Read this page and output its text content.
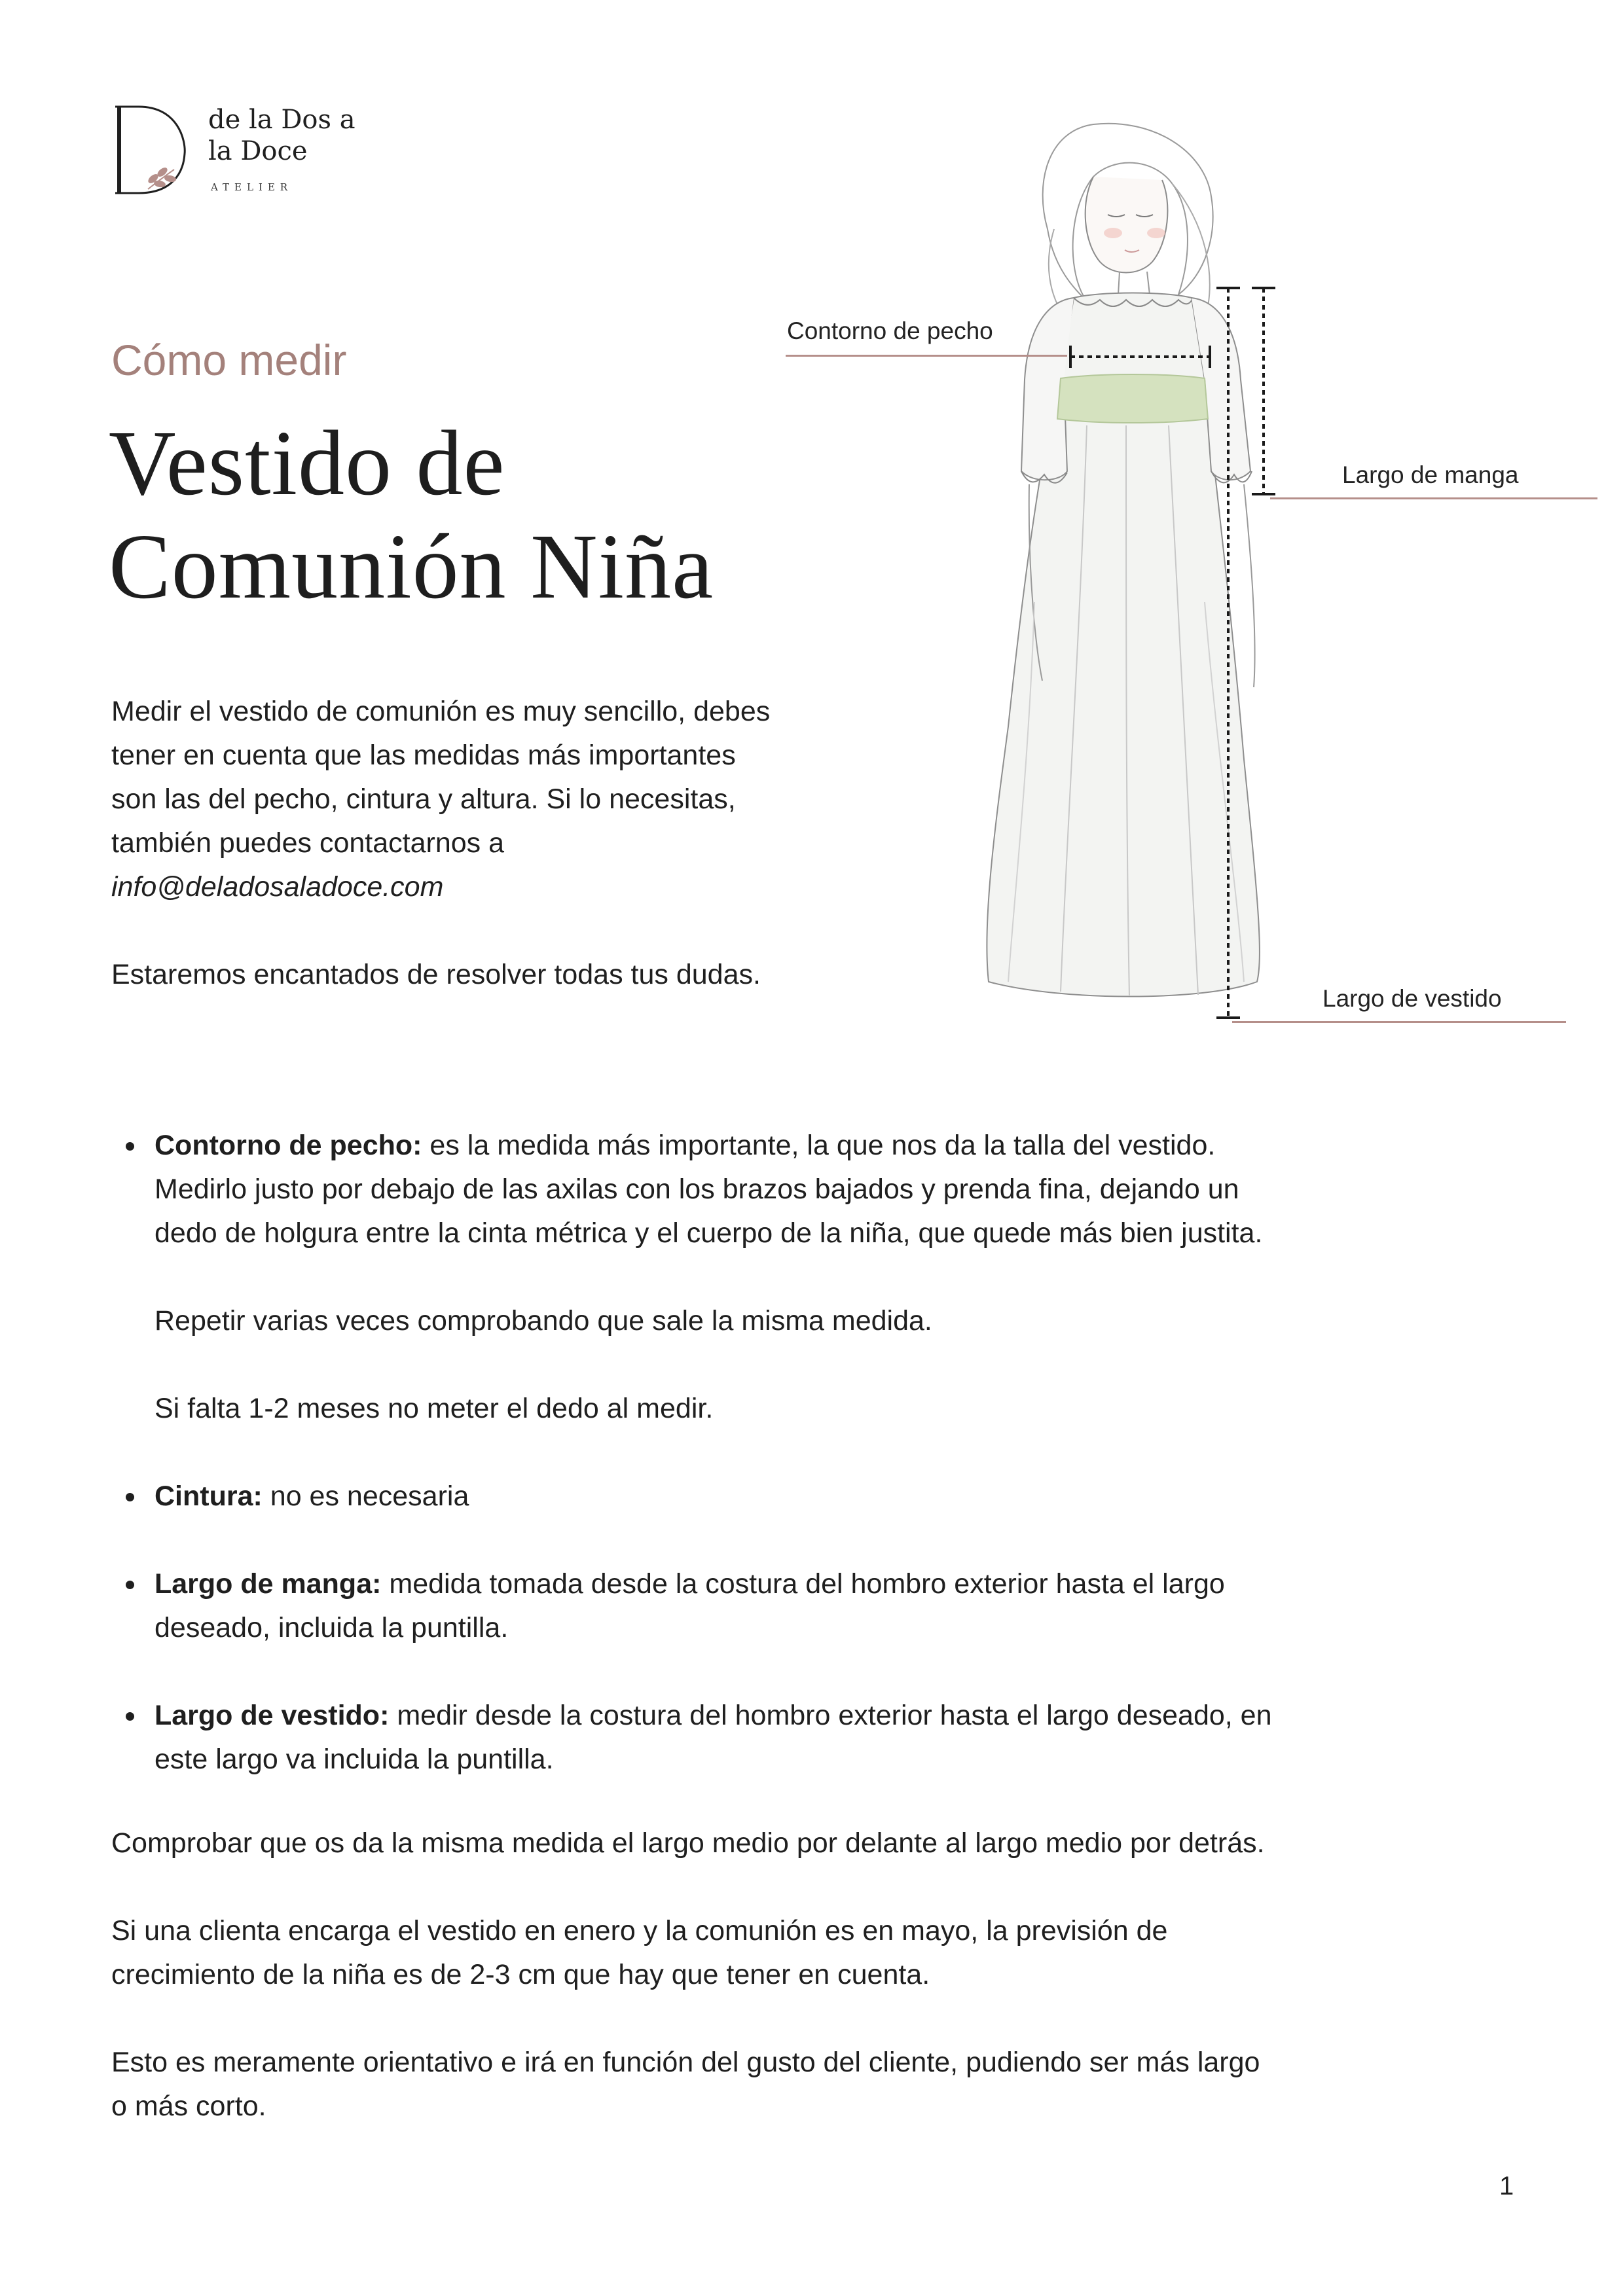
de la Dos a
la Doce
ATELIER
Cómo medir
Vestido de
Comunión Niña
Medir el vestido de comunión es muy sencillo, debes
tener en cuenta que las medidas más importantes
son las del pecho, cintura y altura. Si lo necesitas,
también puedes contactarnos a
info@deladosaladoce.com
Estaremos encantados de resolver todas tus dudas.
Contorno de pecho
Largo de manga
Largo de vestido
Contorno de pecho: es la medida más importante, la que nos da la talla del vestido.
Medirlo justo por debajo de las axilas con los brazos bajados y prenda fina, dejando un
dedo de holgura entre la cinta métrica y el cuerpo de la niña, que quede más bien justita.
Repetir varias veces comprobando que sale la misma medida.
Si falta 1-2 meses no meter el dedo al medir.
Cintura: no es necesaria
Largo de manga: medida tomada desde la costura del hombro exterior hasta el largo
deseado, incluida la puntilla.
Largo de vestido: medir desde la costura del hombro exterior hasta el largo deseado, en
este largo va incluida la puntilla.
Comprobar que os da la misma medida el largo medio por delante al largo medio por detrás.
Si una clienta encarga el vestido en enero y la comunión es en mayo, la previsión de
crecimiento de la niña es de 2-3 cm que hay que tener en cuenta.
Esto es meramente orientativo e irá en función del gusto del cliente, pudiendo ser más largo
o más corto.
1
